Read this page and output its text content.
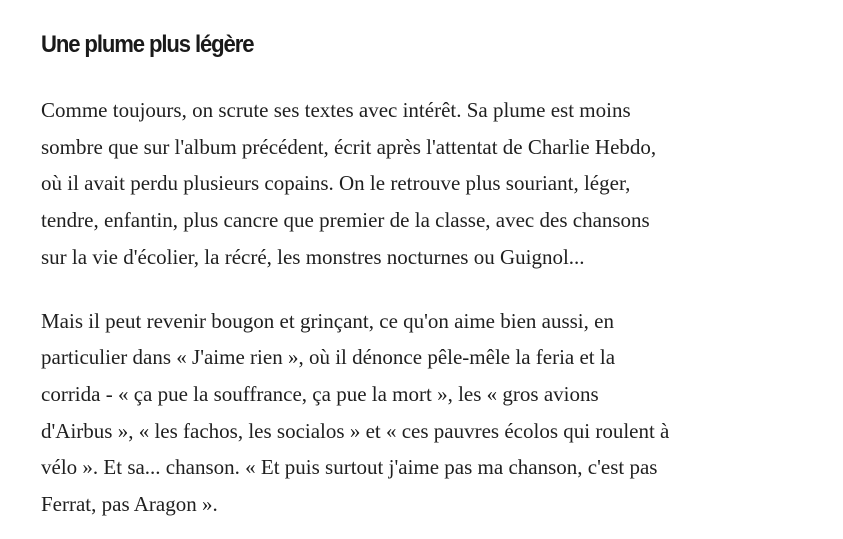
Une plume plus légère

Comme toujours, on scrute ses textes avec intérêt. Sa plume est moins
sombre que sur l'album précédent, écrit après l'attentat de Charlie Hebdo,
où il avait perdu plusieurs copains. On le retrouve plus souriant, léger,
tendre, enfantin, plus cancre que premier de la classe, avec des chansons
sur la vie d'écolier, la récré, les monstres nocturnes ou Guignol...

Mais il peut revenir bougon et grinçant, ce qu'on aime bien aussi, en
particulier dans « J'aime rien », où il dénonce pêle-mêle la feria et la
corrida - « ça pue la souffrance, ça pue la mort », les « gros avions
d'Airbus », « les fachos, les socialos » et « ces pauvres écolos qui roulent à
vélo ». Et sa... chanson. « Et puis surtout j'aime pas ma chanson, c'est pas
Ferrat, pas Aragon ».
